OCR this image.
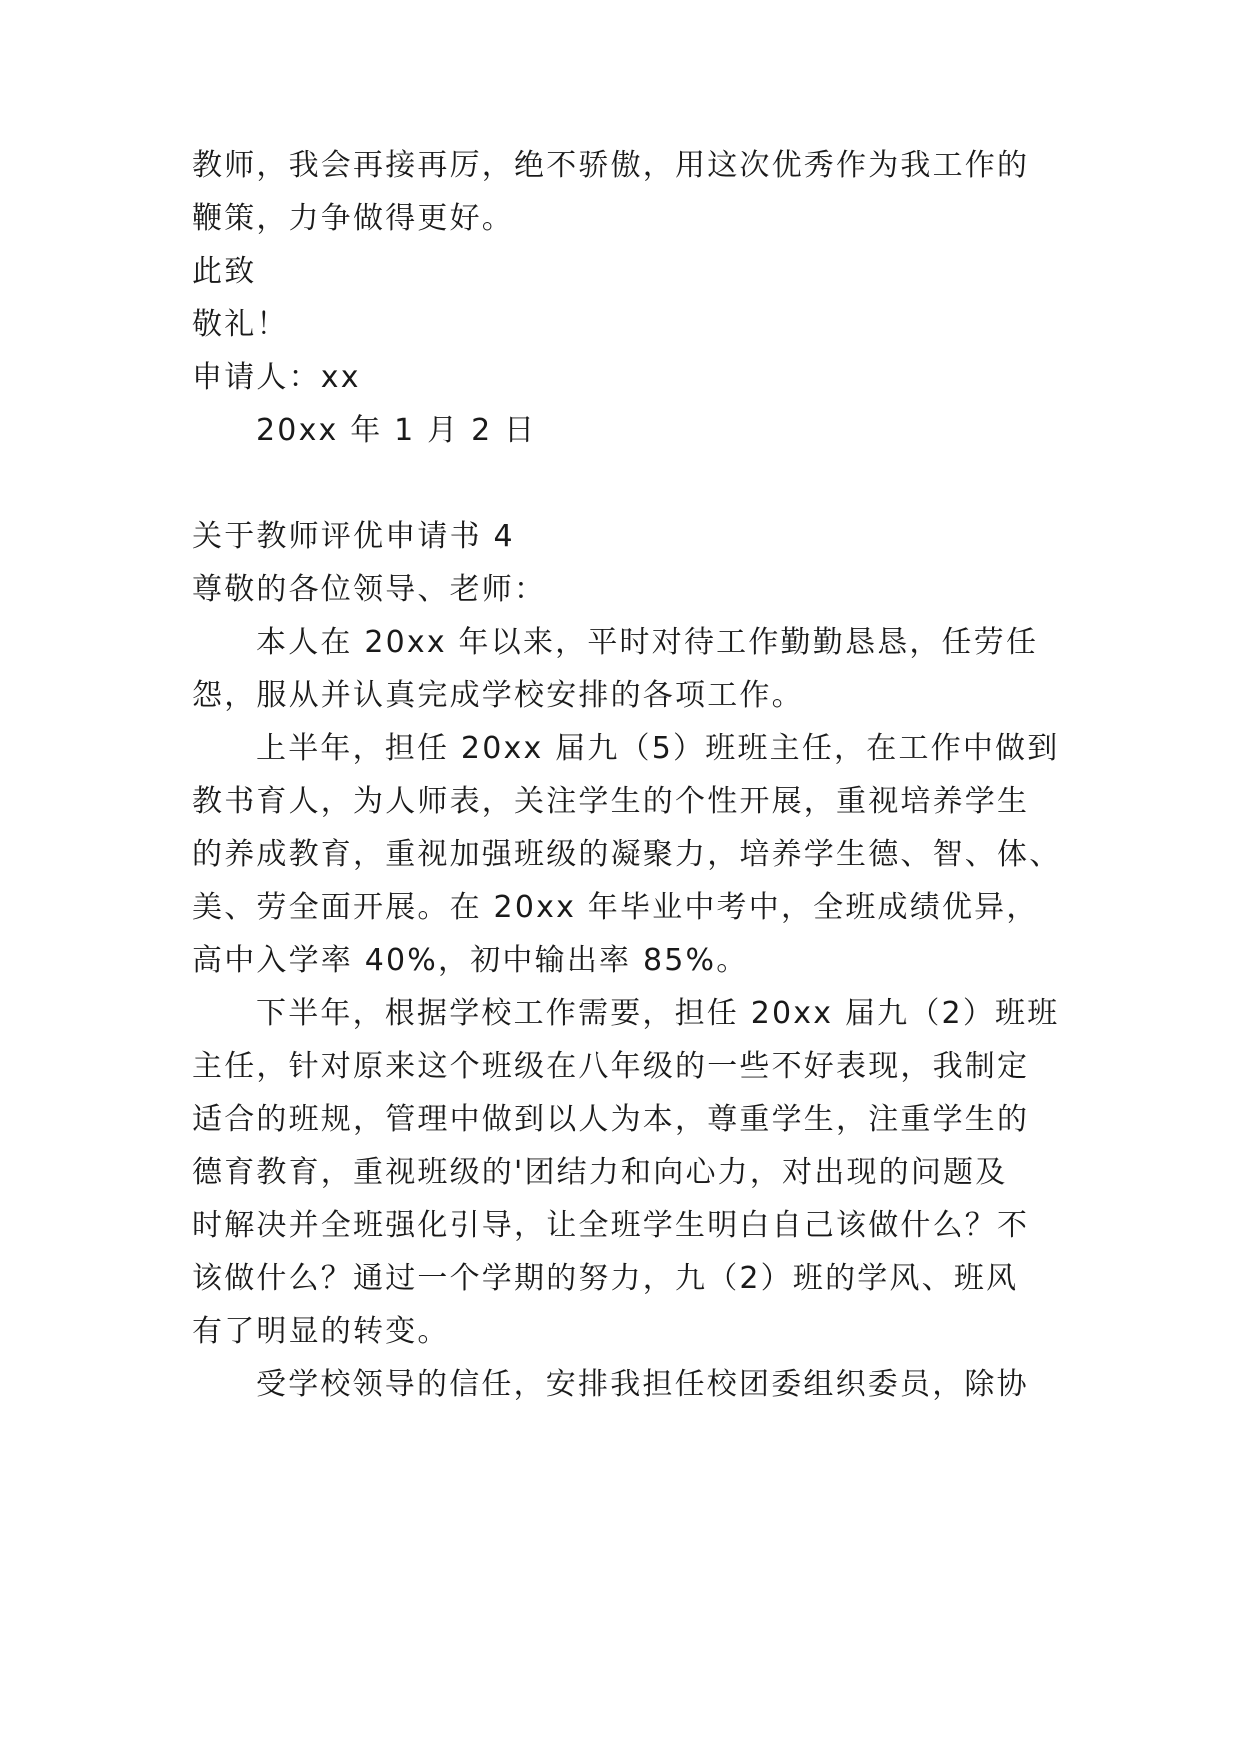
教师，我会再接再厉，绝不骄傲，用这次优秀作为我工作的
鞭策，力争做得更好。
此致
敬礼！
申请人：xx
20xx 年 1 月 2 日
关于教师评优申请书 4
尊敬的各位领导、老师：
本人在 20xx 年以来，平时对待工作勤勤恳恳，任劳任
怨，服从并认真完成学校安排的各项工作。
上半年，担任 20xx 届九（5）班班主任，在工作中做到
教书育人，为人师表，关注学生的个性开展，重视培养学生
的养成教育，重视加强班级的凝聚力，培养学生德、智、体、
美、劳全面开展。在 20xx 年毕业中考中，全班成绩优异，
高中入学率 40%，初中输出率 85%。
下半年，根据学校工作需要，担任 20xx 届九（2）班班
主任，针对原来这个班级在八年级的一些不好表现，我制定
适合的班规，管理中做到以人为本，尊重学生，注重学生的
德育教育，重视班级的'团结力和向心力，对出现的问题及
时解决并全班强化引导，让全班学生明白自己该做什么？不
该做什么？通过一个学期的努力，九（2）班的学风、班风
有了明显的转变。
受学校领导的信任，安排我担任校团委组织委员，除协
